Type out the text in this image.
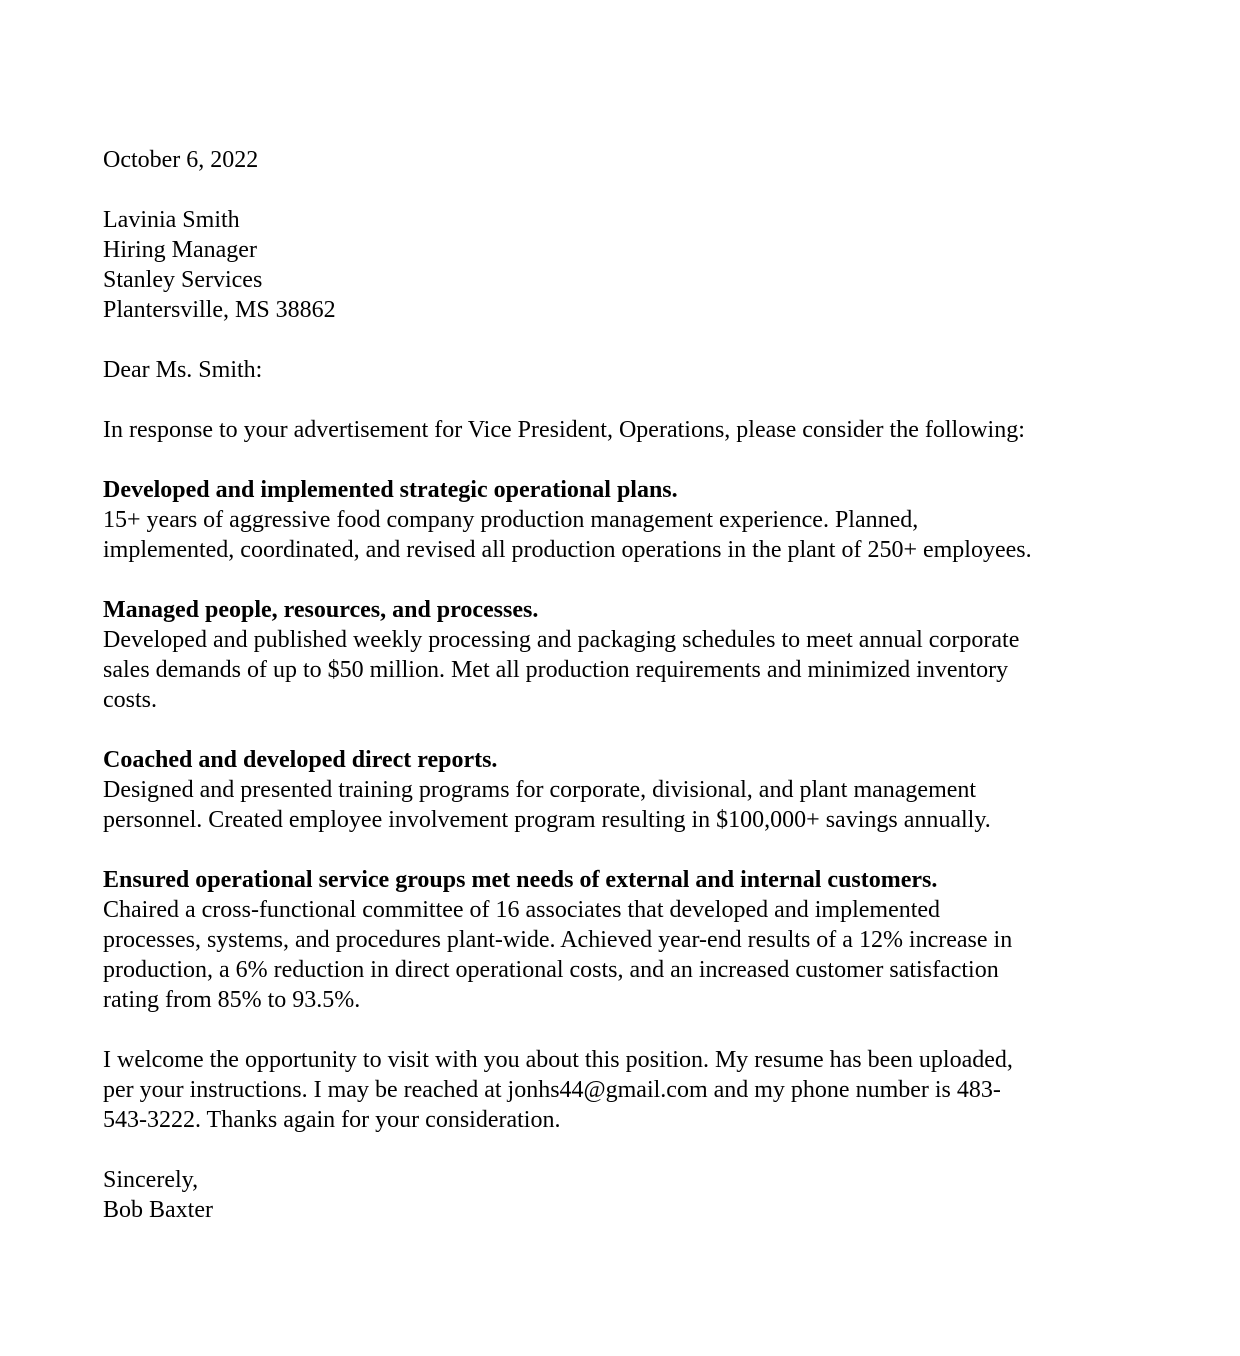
October 6, 2022
Lavinia Smith
Hiring Manager
Stanley Services
Plantersville, MS 38862
Dear Ms. Smith:
In response to your advertisement for Vice President, Operations, please consider the following:
Developed and implemented strategic operational plans.
15+ years of aggressive food company production management experience. Planned,
implemented, coordinated, and revised all production operations in the plant of 250+ employees.
Managed people, resources, and processes.
Developed and published weekly processing and packaging schedules to meet annual corporate
sales demands of up to $50 million. Met all production requirements and minimized inventory
costs.
Coached and developed direct reports.
Designed and presented training programs for corporate, divisional, and plant management
personnel. Created employee involvement program resulting in $100,000+ savings annually.
Ensured operational service groups met needs of external and internal customers.
Chaired a cross-functional committee of 16 associates that developed and implemented
processes, systems, and procedures plant-wide. Achieved year-end results of a 12% increase in
production, a 6% reduction in direct operational costs, and an increased customer satisfaction
rating from 85% to 93.5%.
I welcome the opportunity to visit with you about this position. My resume has been uploaded,
per your instructions. I may be reached at jonhs44@gmail.com and my phone number is 483-
543-3222. Thanks again for your consideration.
Sincerely,
Bob Baxter
